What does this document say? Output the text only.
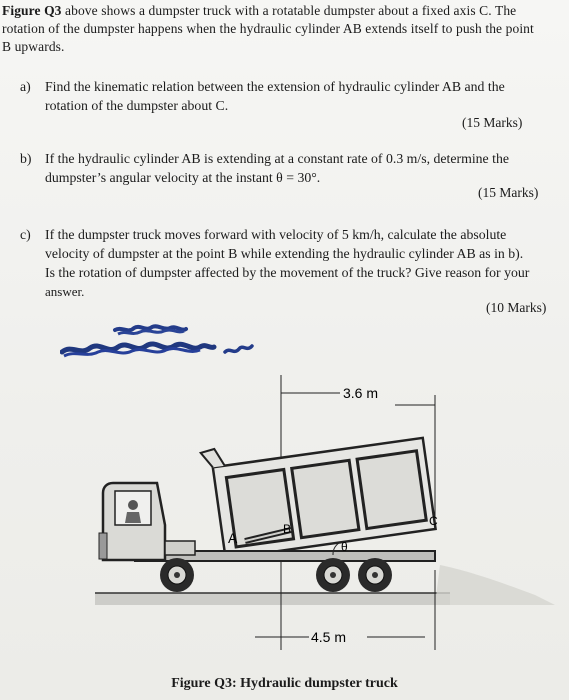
Figure Q3 above shows a dumpster truck with a rotatable dumpster about a fixed axis C. The
rotation of the dumpster happens when the hydraulic cylinder AB extends itself to push the point
B upwards.
a) Find the kinematic relation between the extension of hydraulic cylinder AB and the
rotation of the dumpster about C.
(15 Marks)
b) If the hydraulic cylinder AB is extending at a constant rate of 0.3 m/s, determine the
dumpster’s angular velocity at the instant θ = 30°.
(15 Marks)
c) If the dumpster truck moves forward with velocity of 5 km/h, calculate the absolute
velocity of dumpster at the point B while extending the hydraulic cylinder AB as in b).
Is the rotation of dumpster affected by the movement of the truck? Give reason for your
answer.
(10 Marks)
3.6 m
A
B
C
θ
4.5 m
Figure Q3: Hydraulic dumpster truck
